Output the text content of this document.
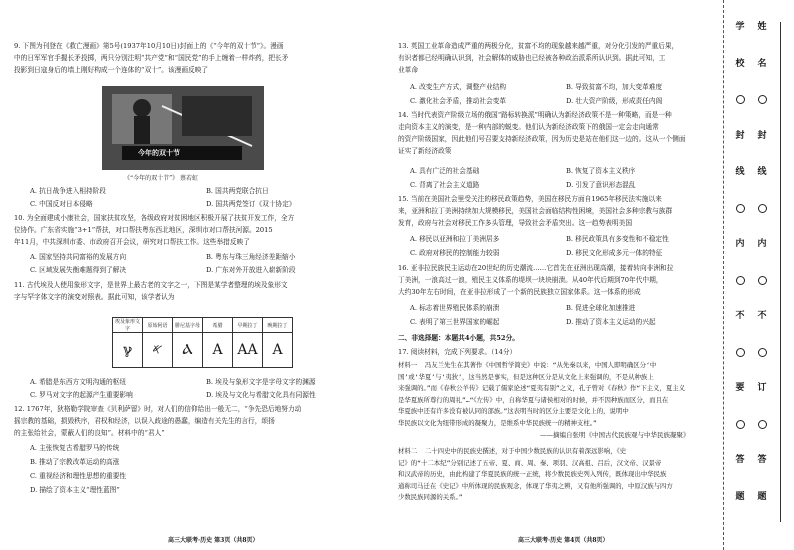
9. 下图为刊登在《救亡漫画》第5号(1937年10月10日)封面上的《“今年的双十节”》。漫画
中的日军军官手握长矛投掷，两只分别注明“共产党”和“国民党”的手上缠着一样炸药，把长矛
投影到日寇身后的墙上刚好构成一个连体的“双十”。该漫画反映了
今年的双十节
《“今年的双十节”》 蔡若虹
A. 抗日战争进入相持阶段	B. 国共两党联合抗日
C. 中国反对日本侵略	D. 国共两党签订《双十协定》
10. 为全面建成小康社会，国家扶贫攻坚，各级政府对贫困地区积极开展了扶贫开发工作，全方
位协作。广东省实施“3+1”帮扶，对口帮扶粤东西北地区，深圳市对口帮扶河源。2015
年11月，中共深圳市委、市政府召开会议，研究对口帮扶工作。这些举措反映了
A. 国家坚持共同富裕的发展方向	B. 粤东与珠三角经济差距缩小
C. 区域发展失衡难题得到了解决	D. 广东对外开放进入崭新阶段
11. 古代埃及人使用象形文字，是世界上最古老的文字之一，下图是某学者整理的埃及象形文
字与罕字体文字的演变对照表。据此可知，该学者认为
埃及象形文字	原始阿语	腓尼基字母	希腊	早期拉丁	晚期拉丁
ℽ	𐤀	Ⲁ	A	AA	A
A. 希腊是东西方文明沟通的枢纽	B. 埃及与象形文字是字母文字的渊源
C. 罗马对文字的起源产生重要影响	D. 埃及与文化与希腊文化具有同源性
12. 1767年，狄格勒学院审查《贝利萨留》时，对人们的信仰给出一般无二，“争先恐后地努力动
摇宗教的基础，损毁秩序，君权和经济，以误入歧途的愚蠢，编造有关先生的言行，颂扬
的主张给社会，蒙蔽人们的良知”。材料中的“君人”
A. 主张恢复古希腊罗马的传统
B. 推动了宗教改革运动的高涨
C. 重视经济和理性思想的重要性
D. 描绘了资本主义“理性蓝图”
高三大联考·历史 第3页（共8页）
13. 英国工业革命造成严重的两极分化，贫富不均的现象越来越严重，对分化引发的严重后果，
有识者都已经明确认识到，社会解体的威胁也已经被各种政治派系所认识到。据此可知，工
业革命
A. 改变生产方式，调整产业结构	B. 导致贫富不均，加大变革难度
C. 激化社会矛盾，推动社会变革	D. 壮大资产阶级，形成责任内阁
14. 当时代表资产阶级立场的俄国“路标转换派”明确认为新经济政策不是一种策略，而是一种
走向资本主义的演变，是一种内部的蜕变。他们认为新经济政策下的俄国一定会走向通常
的资产阶级国家，因此他们号召要支持新经济政策，因为历史是站在他们这一边的。这从一个侧面
证实了新经济政策
A. 具有广泛的社会基础	B. 恢复了资本主义秩序
C. 背离了社会主义道路	D. 引发了意识形态混乱
15. 当前在美国社会里受关注的移民政策趋势，美国在移民方面自1965年移民法实施以来
来，亚洲和拉丁美洲持续加大规模移民，美国社会面临结构性困境，美国社会多种宗教与族群
发育，政府与社会对移民工作多头管理，导致社会矛盾突出。这一趋势表明美国
A. 移民以亚洲和拉丁美洲居多	B. 移民政策具有多变性和不稳定性
C. 政府对移民的控制能力较弱	D. 移民文化形成多元一体的特征
16. 亚非拉民族民主运动在20世纪的历史潮流……它首先在亚洲出现高潮，接着转向非洲和拉
丁美洲，一浪高过一浪，殖民主义体系的堤坝一块块崩溃。从40年代后期到70年代中期，
大约30年左右时间，在亚非拉形成了一个新的民族独立国家体系。这一体系的形成
A. 标志着世界殖民体系的崩溃	B. 促进全球化加速推进
C. 表明了第三世界国家的崛起	D. 推动了资本主义运动的兴起
二、非选择题：本题共4小题，共52分。
17. 阅读材料，完成下列要求。（14分）
材料一  冯友兰先生在其著作《中国哲学简史》中说：“从先秦以来，中国人即明确区分‘中
国’或‘华夏’与‘夷狄’，这当然是事实，但是这种区分是从文化上来强调的，不是从种族上
来强调的。”而《春秋公羊传》记载了儒家论述“夏夷有别”之义，孔子曾对《春秋》作“下主义，夏主义
是华夏族所尊行的周礼”…“《左传》中，自称华夏与诸侯相对的时候，并不因种族而区分，而且在
华夏族中还有许多没有被认同的部族。”这表明当时的区分主要是文化上的，说明中
华民族以文化为纽带形成的凝聚力，是维系中华民族统一的精神支柱。”
——摘编自张明《中国古代民族观与中华民族凝聚》
材料二  二十四史中的民族史撰述，对于中国少数民族的认识有着深远影响，《史
记》的“十二本纪”分别记述了五帝、夏、商、周、秦、项羽、汉高祖、吕后，汉文帝、汉景帝
和汉武帝的历史，由此构建了华夏民族的统一正统，将少数民族史列入列传，既体现出中华民族
通称司马迁在《史记》中所体现的民族观念，体现了华夷之辨，又有他所强调的，中原汉族与四方
少数民族同源的关系。”
高三大联考·历史 第4页（共8页）
学
校
封
线
内
不
要
答
题
姓
名
封
线
内
不
订
答
题
